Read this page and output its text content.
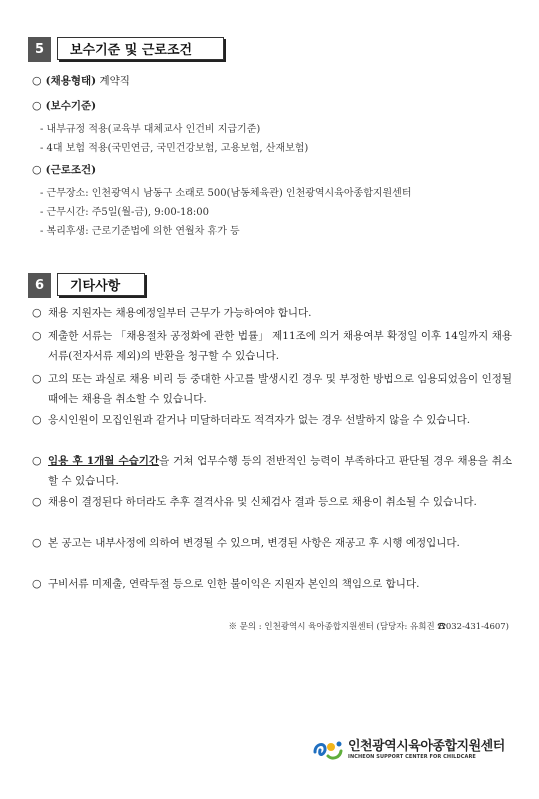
5	보수기준 및 근로조건
○ (채용형태) 계약직
○ (보수기준)
- 내부규정 적용(교육부 대체교사 인건비 지급기준)
- 4대 보험 적용(국민연금, 국민건강보험, 고용보험, 산재보험)
○ (근로조건)
- 근무장소: 인천광역시 남동구 소래로 500(남동체육관) 인천광역시육아종합지원센터
- 근무시간: 주5일(월-금), 9:00-18:00
- 복리후생: 근로기준법에 의한 연월차 휴가 등
6	기타사항
○ 채용 지원자는 채용예정일부터 근무가 가능하여야 합니다.
○ 제출한 서류는 「채용절차 공정화에 관한 법률」 제11조에 의거 채용여부 확정일 이후 14일까지 채용서류(전자서류 제외)의 반환을 청구할 수 있습니다.
○ 고의 또는 과실로 채용 비리 등 중대한 사고를 발생시킨 경우 및 부정한 방법으로 임용되었음이 인정될 때에는 채용을 취소할 수 있습니다.
○ 응시인원이 모집인원과 같거나 미달하더라도 적격자가 없는 경우 선발하지 않을 수 있습니다.
○ 임용 후 1개월 수습기간을 거쳐 업무수행 등의 전반적인 능력이 부족하다고 판단될 경우 채용을 취소할 수 있습니다.
○ 채용이 결정된다 하더라도 추후 결격사유 및 신체검사 결과 등으로 채용이 취소될 수 있습니다.
○ 본 공고는 내부사정에 의하여 변경될 수 있으며, 변경된 사항은 재공고 후 시행 예정입니다.
○ 구비서류 미제출, 연락두절 등으로 인한 불이익은 지원자 본인의 책임으로 합니다.
※ 문의 : 인천광역시 육아종합지원센터 (담당자: 유희진 ☎032-431-4607)
인천광역시육아종합지원센터
INCHEON SUPPORT CENTER FOR CHILDCARE
